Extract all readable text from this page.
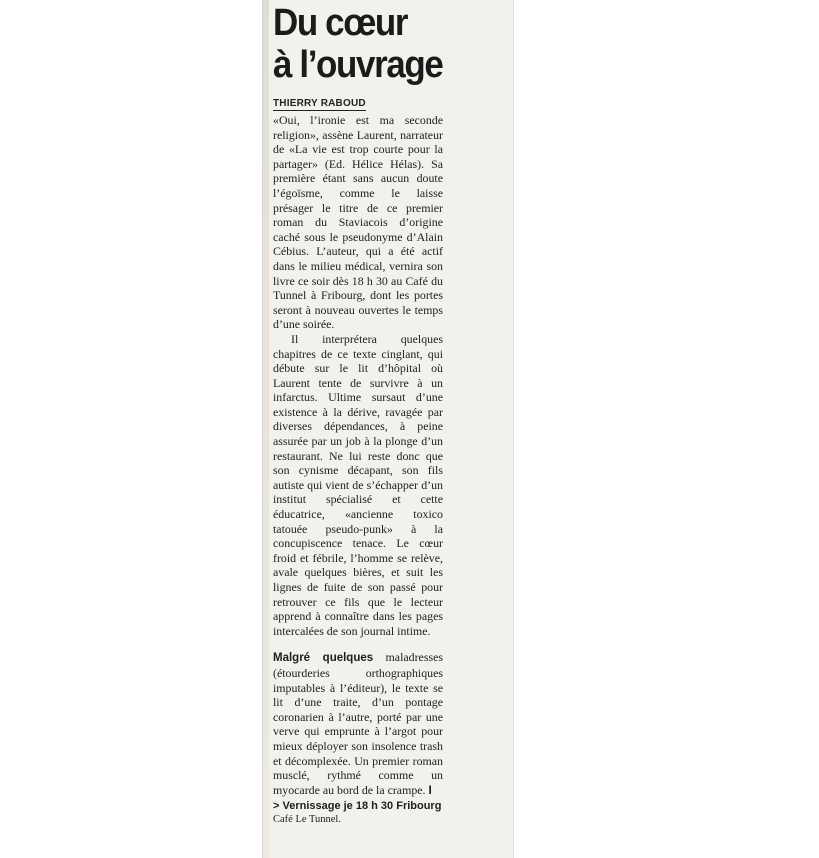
Du cœur
à l’ouvrage
THIERRY RABOUD

«Oui, l’ironie est ma seconde religion», assène Laurent, narrateur de «La vie est trop courte pour la partager» (Ed. Hélice Hélas). Sa première étant sans aucun doute l’égoïsme, comme le laisse présager le titre de ce premier roman du Staviacois d’origine caché sous le pseudonyme d’Alain Cébius. L’auteur, qui a été actif dans le milieu médical, vernira son livre ce soir dès 18 h 30 au Café du Tunnel à Fribourg, dont les portes seront à nouveau ouvertes le temps d’une soirée.

Il interprétera quelques chapitres de ce texte cinglant, qui débute sur le lit d’hôpital où Laurent tente de survivre à un infarctus. Ultime sursaut d’une existence à la dérive, ravagée par diverses dépendances, à peine assurée par un job à la plonge d’un restaurant. Ne lui reste donc que son cynisme décapant, son fils autiste qui vient de s’échapper d’un institut spécialisé et cette éducatrice, «ancienne toxico tatouée pseudo-punk» à la concupiscence tenace. Le cœur froid et fébrile, l’homme se relève, avale quelques bières, et suit les lignes de fuite de son passé pour retrouver ce fils que le lecteur apprend à connaître dans les pages intercalées de son journal intime.

Malgré quelques maladresses (étourderies orthographiques imputables à l’éditeur), le texte se lit d’une traite, d’un pontage coronarien à l’autre, porté par une verve qui emprunte à l’argot pour mieux déployer son insolence trash et décomplexée. Un premier roman musclé, rythmé comme un myocarde au bord de la crampe. I

> Vernissage je 18 h 30 Fribourg
Café Le Tunnel.
